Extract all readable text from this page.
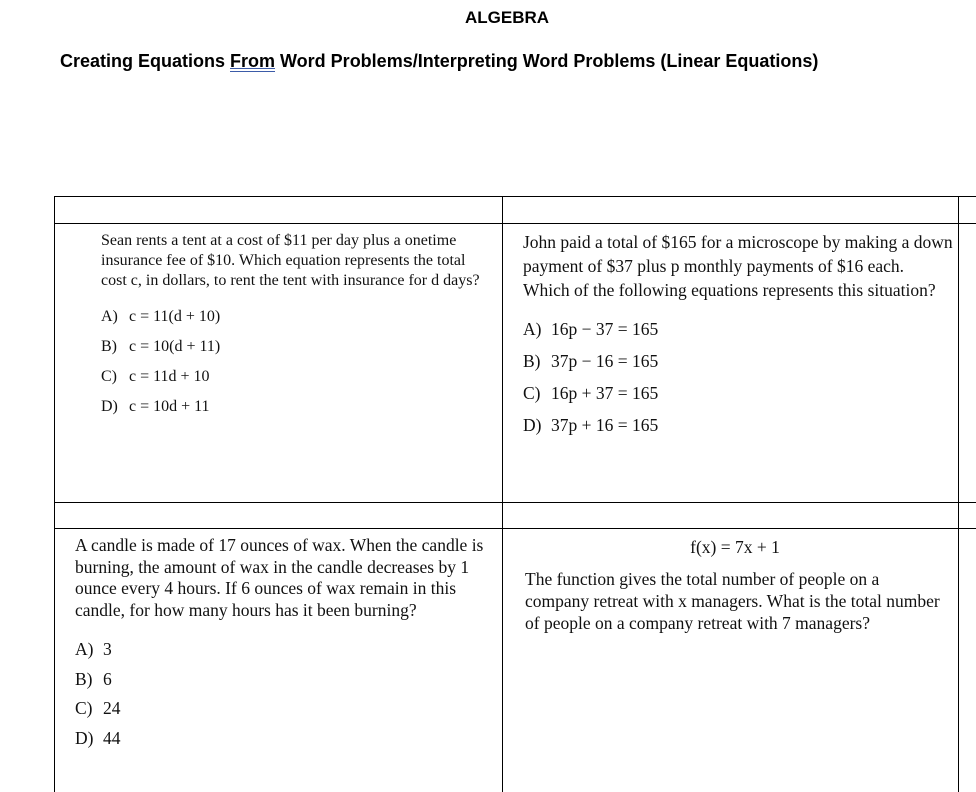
ALGEBRA
Creating Equations From Word Problems/Interpreting Word Problems (Linear Equations)

Sean rents a tent at a cost of $11 per day plus a onetime insurance fee of $10. Which equation represents the total cost c, in dollars, to rent the tent with insurance for d days?

A) c = 11(d + 10)
B) c = 10(d + 11)
C) c = 11d + 10
D) c = 10d + 11

John paid a total of $165 for a microscope by making a down payment of $37 plus p monthly payments of $16 each. Which of the following equations represents this situation?

A) 16p − 37 = 165
B) 37p − 16 = 165
C) 16p + 37 = 165
D) 37p + 16 = 165

A candle is made of 17 ounces of wax. When the candle is burning, the amount of wax in the candle decreases by 1 ounce every 4 hours. If 6 ounces of wax remain in this candle, for how many hours has it been burning?

A) 3
B) 6
C) 24
D) 44

f(x) = 7x + 1

The function gives the total number of people on a company retreat with x managers. What is the total number of people on a company retreat with 7 managers?
